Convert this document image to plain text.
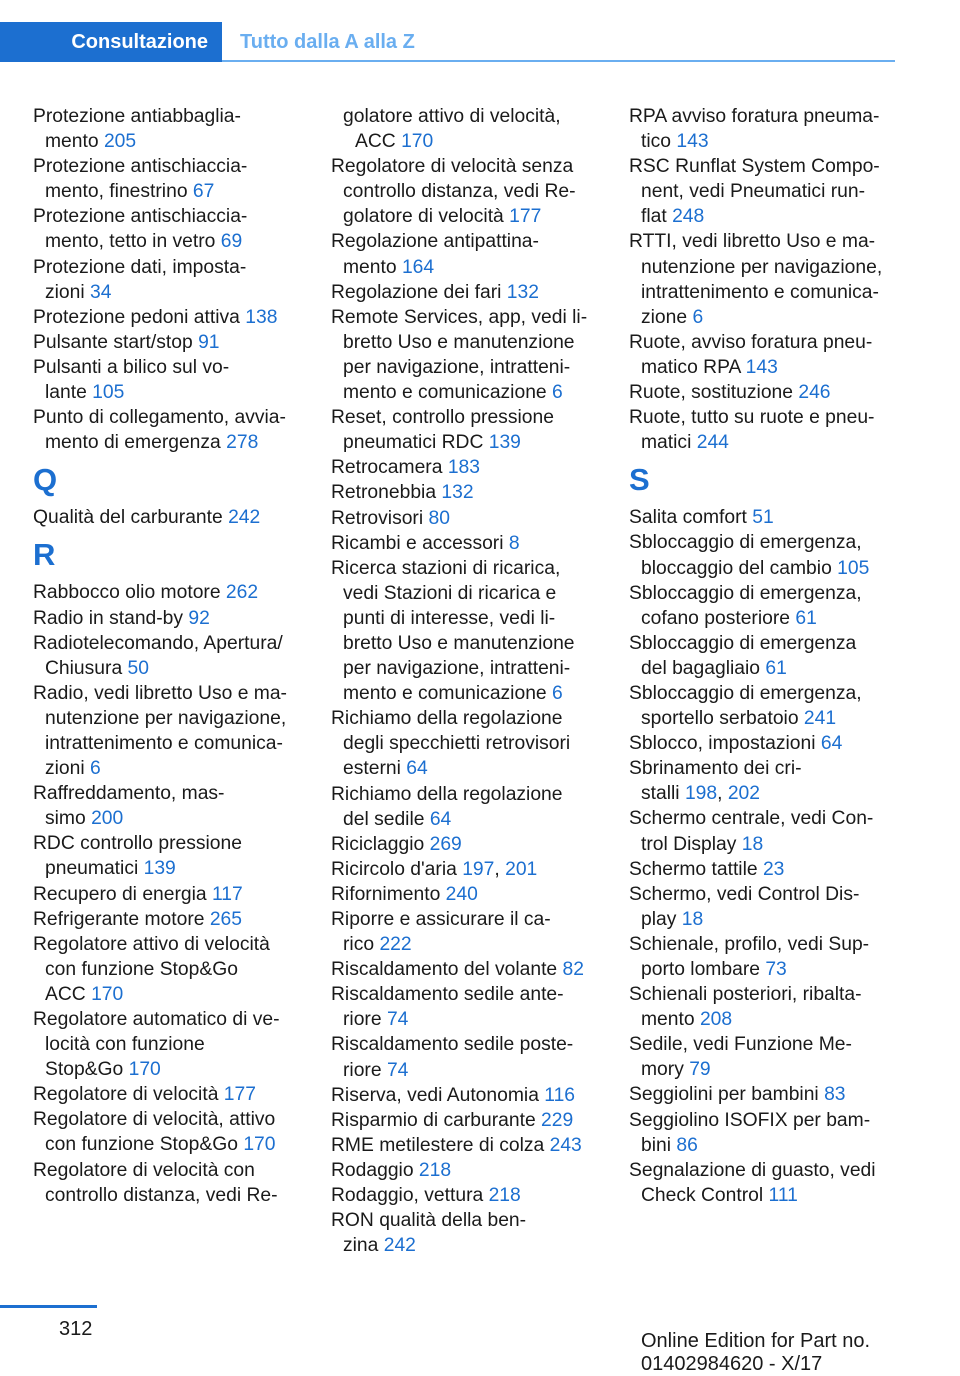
Consultazione	Tutto dalla A alla Z
Protezione antiabbaglia-
mento 205
Protezione antischiaccia-
mento, finestrino 67
Protezione antischiaccia-
mento, tetto in vetro 69
Protezione dati, imposta-
zioni 34
Protezione pedoni attiva 138
Pulsante start/stop 91
Pulsanti a bilico sul vo-
lante 105
Punto di collegamento, avvia-
mento di emergenza 278
Q
Qualità del carburante 242
R
Rabbocco olio motore 262
Radio in stand-by 92
Radiotelecomando, Apertura/
Chiusura 50
Radio, vedi libretto Uso e ma-
nutenzione per navigazione,
intrattenimento e comunica-
zioni 6
Raffreddamento, mas-
simo 200
RDC controllo pressione
pneumatici 139
Recupero di energia 117
Refrigerante motore 265
Regolatore attivo di velocità
con funzione Stop&Go
ACC 170
Regolatore automatico di ve-
locità con funzione
Stop&Go 170
Regolatore di velocità 177
Regolatore di velocità, attivo
con funzione Stop&Go 170
Regolatore di velocità con
controllo distanza, vedi Re-
golatore attivo di velocità,
ACC 170
Regolatore di velocità senza
controllo distanza, vedi Re-
golatore di velocità 177
Regolazione antipattina-
mento 164
Regolazione dei fari 132
Remote Services, app, vedi li-
bretto Uso e manutenzione
per navigazione, intratteni-
mento e comunicazione 6
Reset, controllo pressione
pneumatici RDC 139
Retrocamera 183
Retronebbia 132
Retrovisori 80
Ricambi e accessori 8
Ricerca stazioni di ricarica,
vedi Stazioni di ricarica e
punti di interesse, vedi li-
bretto Uso e manutenzione
per navigazione, intratteni-
mento e comunicazione 6
Richiamo della regolazione
degli specchietti retrovisori
esterni 64
Richiamo della regolazione
del sedile 64
Riciclaggio 269
Ricircolo d'aria 197, 201
Rifornimento 240
Riporre e assicurare il ca-
rico 222
Riscaldamento del volante 82
Riscaldamento sedile ante-
riore 74
Riscaldamento sedile poste-
riore 74
Riserva, vedi Autonomia 116
Risparmio di carburante 229
RME metilestere di colza 243
Rodaggio 218
Rodaggio, vettura 218
RON qualità della ben-
zina 242
RPA avviso foratura pneuma-
tico 143
RSC Runflat System Compo-
nent, vedi Pneumatici run-
flat 248
RTTI, vedi libretto Uso e ma-
nutenzione per navigazione,
intrattenimento e comunica-
zione 6
Ruote, avviso foratura pneu-
matico RPA 143
Ruote, sostituzione 246
Ruote, tutto su ruote e pneu-
matici 244
S
Salita comfort 51
Sbloccaggio di emergenza,
bloccaggio del cambio 105
Sbloccaggio di emergenza,
cofano posteriore 61
Sbloccaggio di emergenza
del bagagliaio 61
Sbloccaggio di emergenza,
sportello serbatoio 241
Sblocco, impostazioni 64
Sbrinamento dei cri-
stalli 198, 202
Schermo centrale, vedi Con-
trol Display 18
Schermo tattile 23
Schermo, vedi Control Dis-
play 18
Schienale, profilo, vedi Sup-
porto lombare 73
Schienali posteriori, ribalta-
mento 208
Sedile, vedi Funzione Me-
mory 79
Seggiolini per bambini 83
Seggiolino ISOFIX per bam-
bini 86
Segnalazione di guasto, vedi
Check Control 111
312
Online Edition for Part no. 01402984620 - X/17
